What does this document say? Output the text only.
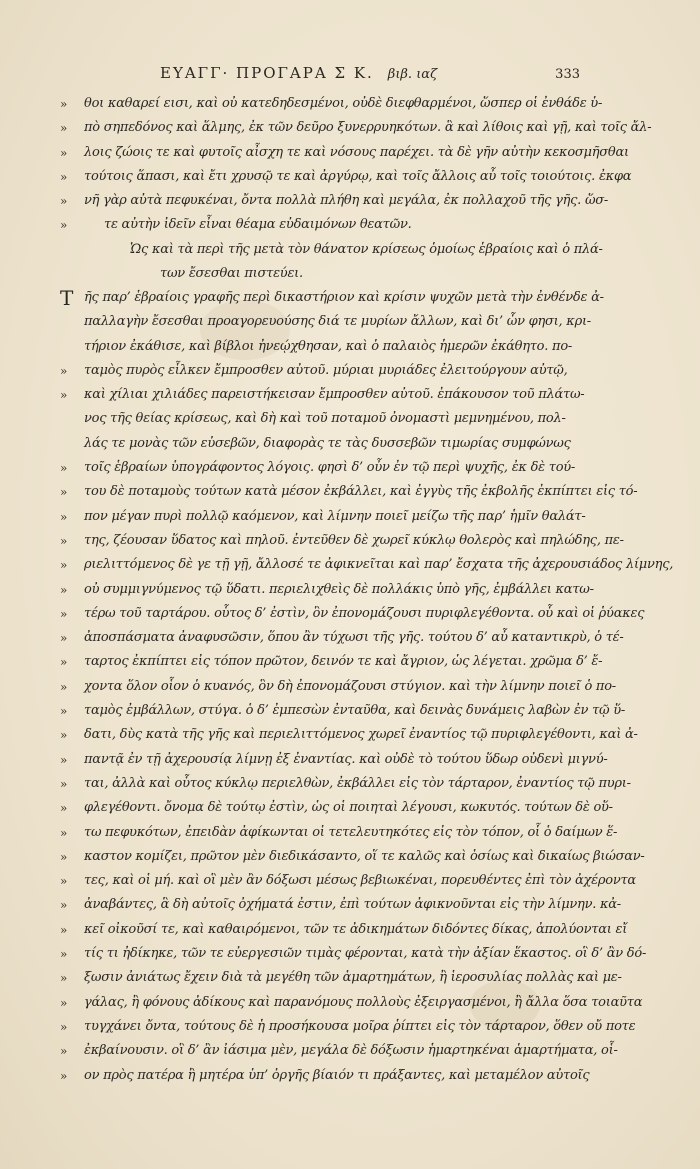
ΕΥΑΓΓ· ΠΡΟΓΑΡΑ Σ Κ. βιβ. ιαζ	333
»	θοι καθαρεί εισι, καὶ οὐ κατεδηδεσμένοι, οὐδὲ διεφθαρμένοι, ὥσπερ οἱ ἐνθάδε ὑ-
»	πὸ σηπεδόνος καὶ ἅλμης, ἐκ τῶν δεῦρο ξυνερρυηκότων. ἃ καὶ λίθοις καὶ γῇ, καὶ τοῖς ἄλ-
»	λοις ζώοις τε καὶ φυτοῖς αἶσχη τε καὶ νόσους παρέχει. τὰ δὲ γῆν αὐτὴν κεκοσμῆσθαι
»	τούτοις ἅπασι, καὶ ἔτι χρυσῷ τε καὶ ἀργύρῳ, καὶ τοῖς ἄλλοις αὖ τοῖς τοιούτοις. ἐκφα
»	νῆ γὰρ αὐτὰ πεφυκέναι, ὄντα πολλὰ πλήθη καὶ μεγάλα, ἐκ πολλαχοῦ τῆς γῆς. ὥσ-
»	τε αὐτὴν ἰδεῖν εἶναι θέαμα εὐδαιμόνων θεατῶν.
Ὡς καὶ τὰ περὶ τῆς μετὰ τὸν θάνατον κρίσεως ὁμοίως ἑβραίοις καὶ ὁ πλά-
των ἔσεσθαι πιστεύει.
Τ ῆς παρ’ ἑβραίοις γραφῆς περὶ δικαστήριον καὶ κρίσιν ψυχῶν μετὰ τὴν ἐνθένδε ἀ-
παλλαγὴν ἔσεσθαι προαγορευούσης διά τε μυρίων ἄλλων, καὶ δι’ ὧν φησι, κρι-
τήριον ἐκάθισε, καὶ βίβλοι ἠνεῴχθησαν, καὶ ὁ παλαιὸς ἡμερῶν ἐκάθητο. πο-
»	ταμὸς πυρὸς εἷλκεν ἔμπροσθεν αὐτοῦ. μύριαι μυριάδες ἐλειτούργουν αὐτῷ,
»	καὶ χίλιαι χιλιάδες παρειστήκεισαν ἔμπροσθεν αὐτοῦ. ἐπάκουσον τοῦ πλάτω-
νος τῆς θείας κρίσεως, καὶ δὴ καὶ τοῦ ποταμοῦ ὀνομαστὶ μεμνημένου, πολ-
λάς τε μονὰς τῶν εὐσεβῶν, διαφορὰς τε τὰς δυσσεβῶν τιμωρίας συμφώνως
»	τοῖς ἑβραίων ὑπογράφοντος λόγοις. φησὶ δ’ οὖν ἐν τῷ περὶ ψυχῆς, ἐκ δὲ τού-
»	του δὲ ποταμοὺς τούτων κατὰ μέσον ἐκβάλλει, καὶ ἐγγὺς τῆς ἐκβολῆς ἐκπίπτει εἰς τό-
»	πον μέγαν πυρὶ πολλῷ καόμενον, καὶ λίμνην ποιεῖ μείζω τῆς παρ’ ἡμῖν θαλάτ-
»	της, ζέουσαν ὕδατος καὶ πηλοῦ. ἐντεῦθεν δὲ χωρεῖ κύκλῳ θολερὸς καὶ πηλώδης, πε-
»	ριελιττόμενος δὲ γε τῇ γῇ, ἄλλοσέ τε ἀφικνεῖται καὶ παρ’ ἔσχατα τῆς ἀχερουσιάδος λίμνης,
»	οὐ συμμιγνύμενος τῷ ὕδατι. περιελιχθεὶς δὲ πολλάκις ὑπὸ γῆς, ἐμβάλλει κατω-
»	τέρω τοῦ ταρτάρου. οὗτος δ’ ἐστὶν, ὃν ἐπονομάζουσι πυριφλεγέθοντα. οὗ καὶ οἱ ῥύακες
»	ἀποσπάσματα ἀναφυσῶσιν, ὅπου ἂν τύχωσι τῆς γῆς. τούτου δ’ αὖ καταντικρὺ, ὁ τέ-
»	ταρτος ἐκπίπτει εἰς τόπον πρῶτον, δεινόν τε καὶ ἄγριον, ὡς λέγεται. χρῶμα δ’ ἔ-
»	χοντα ὅλον οἷον ὁ κυανός, ὃν δὴ ἐπονομάζουσι στύγιον. καὶ τὴν λίμνην ποιεῖ ὁ πο-
»	ταμὸς ἐμβάλλων, στύγα. ὁ δ’ ἐμπεσὼν ἐνταῦθα, καὶ δεινὰς δυνάμεις λαβὼν ἐν τῷ ὕ-
»	δατι, δὺς κατὰ τῆς γῆς καὶ περιελιττόμενος χωρεῖ ἐναντίος τῷ πυριφλεγέθοντι, καὶ ἀ-
»	παντᾷ ἐν τῇ ἀχερουσίᾳ λίμνῃ ἐξ ἐναντίας. καὶ οὐδὲ τὸ τούτου ὕδωρ οὐδενὶ μιγνύ-
»	ται, ἀλλὰ καὶ οὗτος κύκλῳ περιελθὼν, ἐκβάλλει εἰς τὸν τάρταρον, ἐναντίος τῷ πυρι-
»	φλεγέθοντι. ὄνομα δὲ τούτῳ ἐστὶν, ὡς οἱ ποιηταὶ λέγουσι, κωκυτός. τούτων δὲ οὕ-
»	τω πεφυκότων, ἐπειδὰν ἀφίκωνται οἱ τετελευτηκότες εἰς τὸν τόπον, οἷ ὁ δαίμων ἕ-
»	καστον κομίζει, πρῶτον μὲν διεδικάσαντο, οἵ τε καλῶς καὶ ὁσίως καὶ δικαίως βιώσαν-
»	τες, καὶ οἱ μή. καὶ οἳ μὲν ἂν δόξωσι μέσως βεβιωκέναι, πορευθέντες ἐπὶ τὸν ἀχέροντα
»	ἀναβάντες, ἃ δὴ αὐτοῖς ὀχήματά ἐστιν, ἐπὶ τούτων ἀφικνοῦνται εἰς τὴν λίμνην. κἀ-
»	κεῖ οἰκοῦσί τε, καὶ καθαιρόμενοι, τῶν τε ἀδικημάτων διδόντες δίκας, ἀπολύονται εἴ
»	τίς τι ἠδίκηκε, τῶν τε εὐεργεσιῶν τιμὰς φέρονται, κατὰ τὴν ἀξίαν ἕκαστος. οἳ δ’ ἂν δό-
»	ξωσιν ἀνιάτως ἔχειν διὰ τὰ μεγέθη τῶν ἁμαρτημάτων, ἢ ἱεροσυλίας πολλὰς καὶ με-
»	γάλας, ἢ φόνους ἀδίκους καὶ παρανόμους πολλοὺς ἐξειργασμένοι, ἢ ἄλλα ὅσα τοιαῦτα
»	τυγχάνει ὄντα, τούτους δὲ ἡ προσήκουσα μοῖρα ῥίπτει εἰς τὸν τάρταρον, ὅθεν οὔ ποτε
»	ἐκβαίνουσιν. οἳ δ’ ἂν ἰάσιμα μὲν, μεγάλα δὲ δόξωσιν ἡμαρτηκέναι ἁμαρτήματα, οἷ-
»	ον πρὸς πατέρα ἢ μητέρα ὑπ’ ὀργῆς βίαιόν τι πράξαντες, καὶ μεταμέλον αὐτοῖς
